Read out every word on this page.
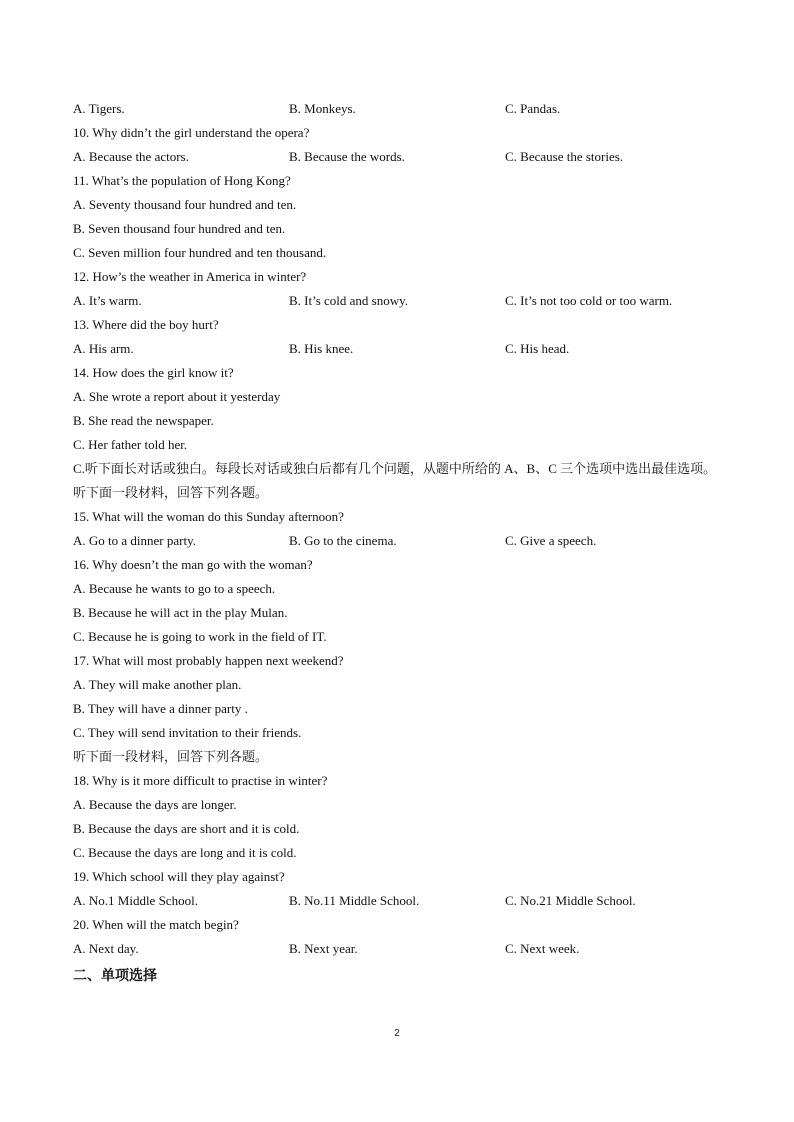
A. Tigers.	B. Monkeys.	C. Pandas.
10. Why didn’t the girl understand the opera?
A. Because the actors.	B. Because the words.	C. Because the stories.
11. What’s the population of Hong Kong?
A. Seventy thousand four hundred and ten.
B. Seven thousand four hundred and ten.
C. Seven million four hundred and ten thousand.
12. How’s the weather in America in winter?
A. It’s warm.	B. It’s cold and snowy.	C. It’s not too cold or too warm.
13. Where did the boy hurt?
A. His arm.	B. His knee.	C. His head.
14. How does the girl know it?
A. She wrote a report about it yesterday
B. She read the newspaper.
C. Her father told her.
C.听下面长对话或独白。每段长对话或独白后都有几个问题，从题中所给的 A、B、C 三个选项中选出最佳选项。
听下面一段材料，回答下列各题。
15. What will the woman do this Sunday afternoon?
A. Go to a dinner party.	B. Go to the cinema.	C. Give a speech.
16. Why doesn’t the man go with the woman?
A. Because he wants to go to a speech.
B. Because he will act in the play Mulan.
C. Because he is going to work in the field of IT.
17. What will most probably happen next weekend?
A. They will make another plan.
B. They will have a dinner party .
C. They will send invitation to their friends.
听下面一段材料，回答下列各题。
18. Why is it more difficult to practise in winter?
A. Because the days are longer.
B. Because the days are short and it is cold.
C. Because the days are long and it is cold.
19. Which school will they play against?
A. No.1 Middle School.	B. No.11 Middle School.	C. No.21 Middle School.
20. When will the match begin?
A. Next day.	B. Next year.	C. Next week.
二、单项选择
2
